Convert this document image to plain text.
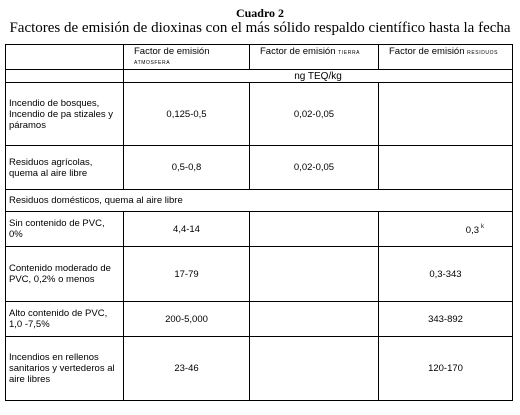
Cuadro 2
Factores de emisión de dioxinas con el más sólido respaldo científico hasta la fecha
	Factor de emisión ATMOSFERA	Factor de emisión TIERRA	Factor de emisión RESIDUOS
	ng TEQ/kg		
Incendio de bosques, Incendio de pa stizales y páramos	0,125-0,5	0,02-0,05	
Residuos agrícolas, quema al aire libre	0,5-0,8	0,02-0,05	
Residuos domésticos, quema al aire libre			
Sin contenido de PVC, 0%	4,4-14		0,3 $^k$
Contenido moderado de PVC, 0,2% o menos	17-79		0,3-343
Alto contenido de PVC, 1,0 -7,5%	200-5,000		343-892
Incendios en rellenos sanitarios y vertederos al aire libres	23-46		120-170
